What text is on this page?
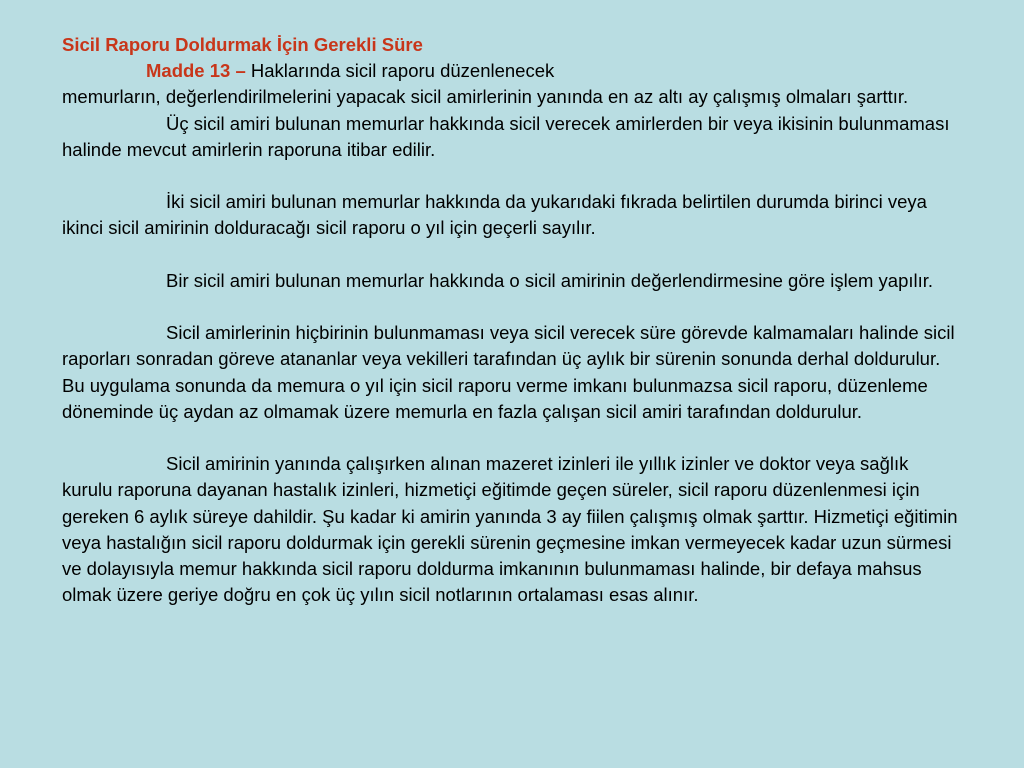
Sicil Raporu Doldurmak İçin Gerekli Süre

Madde 13 – Haklarında sicil raporu düzenlenecek

memurların, değerlendirilmelerini yapacak sicil amirlerinin yanında en az altı ay çalışmış olmaları şarttır.

Üç sicil amiri bulunan memurlar hakkında sicil verecek amirlerden bir veya ikisinin bulunmaması halinde mevcut amirlerin raporuna itibar edilir.

İki sicil amiri bulunan memurlar hakkında da yukarıdaki fıkrada belirtilen durumda birinci veya ikinci sicil amirinin dolduracağı sicil raporu o yıl için geçerli sayılır.

Bir sicil amiri bulunan memurlar hakkında o sicil amirinin değerlendirmesine göre işlem yapılır.

Sicil amirlerinin hiçbirinin bulunmaması veya sicil verecek süre görevde kalmamaları halinde sicil raporları sonradan göreve atananlar veya vekilleri tarafından üç aylık bir sürenin sonunda derhal doldurulur. Bu uygulama sonunda da memura o yıl için sicil raporu verme imkanı bulunmazsa sicil raporu, düzenleme döneminde üç aydan az olmamak üzere memurla en fazla çalışan sicil amiri tarafından doldurulur.

Sicil amirinin yanında çalışırken alınan mazeret izinleri ile yıllık izinler ve doktor veya sağlık kurulu raporuna dayanan hastalık izinleri, hizmetiçi eğitimde geçen süreler, sicil raporu düzenlenmesi için gereken 6 aylık süreye dahildir. Şu kadar ki amirin yanında 3 ay fiilen çalışmış olmak şarttır. Hizmetiçi eğitimin veya hastalığın sicil raporu doldurmak için gerekli sürenin geçmesine imkan vermeyecek kadar uzun sürmesi ve dolayısıyla memur hakkında sicil raporu doldurma imkanının bulunmaması halinde, bir defaya mahsus olmak üzere geriye doğru en çok üç yılın sicil notlarının ortalaması esas alınır.
